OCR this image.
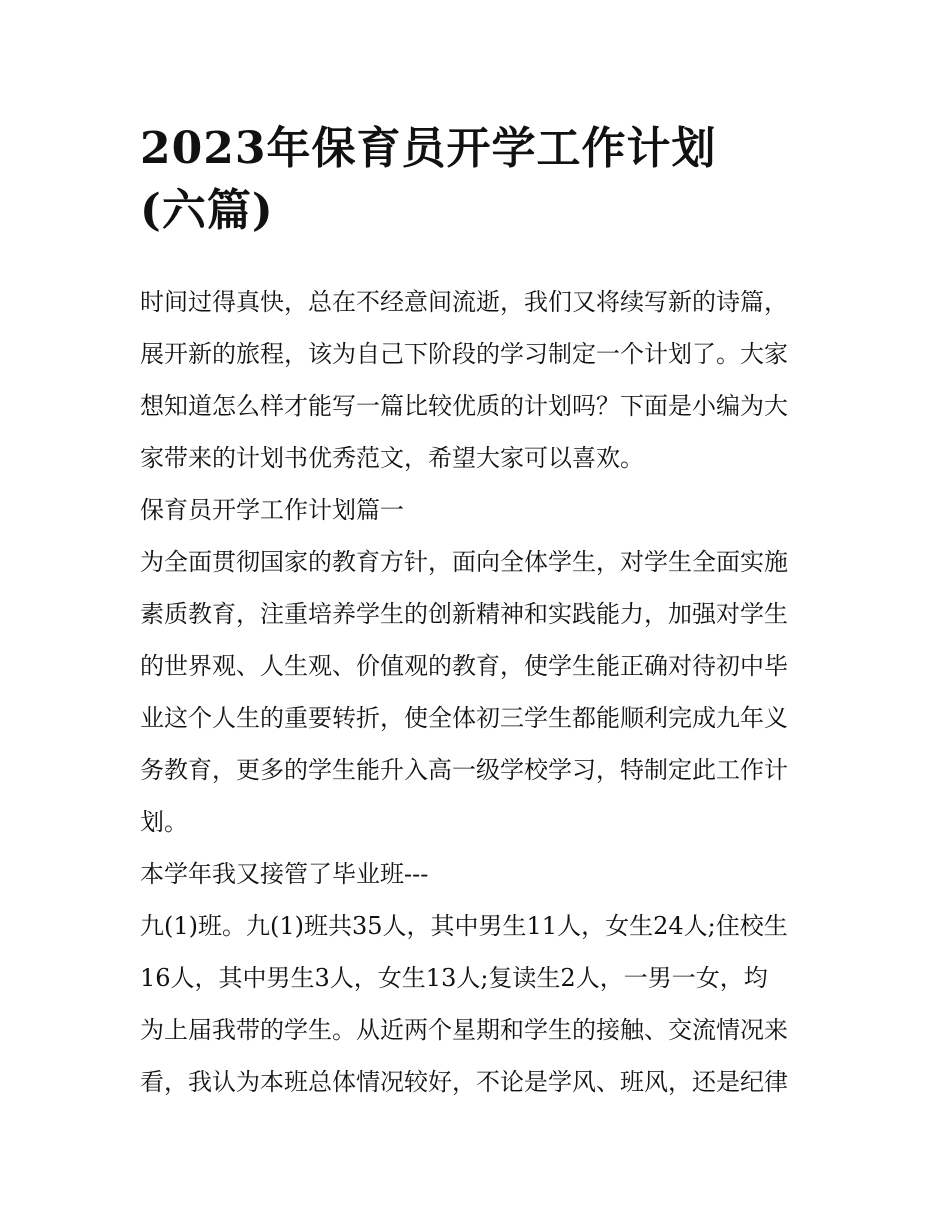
2023年保育员开学工作计划
(六篇)
时间过得真快，总在不经意间流逝，我们又将续写新的诗篇，
展开新的旅程，该为自己下阶段的学习制定一个计划了。大家
想知道怎么样才能写一篇比较优质的计划吗？下面是小编为大
家带来的计划书优秀范文，希望大家可以喜欢。
保育员开学工作计划篇一
为全面贯彻国家的教育方针，面向全体学生，对学生全面实施
素质教育，注重培养学生的创新精神和实践能力，加强对学生
的世界观、人生观、价值观的教育，使学生能正确对待初中毕
业这个人生的重要转折，使全体初三学生都能顺利完成九年义
务教育，更多的学生能升入高一级学校学习，特制定此工作计
划。
本学年我又接管了毕业班---
九(1)班。九(1)班共35人，其中男生11人，女生24人;住校生
16人，其中男生3人，女生13人;复读生2人，一男一女，均
为上届我带的学生。从近两个星期和学生的接触、交流情况来
看，我认为本班总体情况较好，不论是学风、班风，还是纪律
